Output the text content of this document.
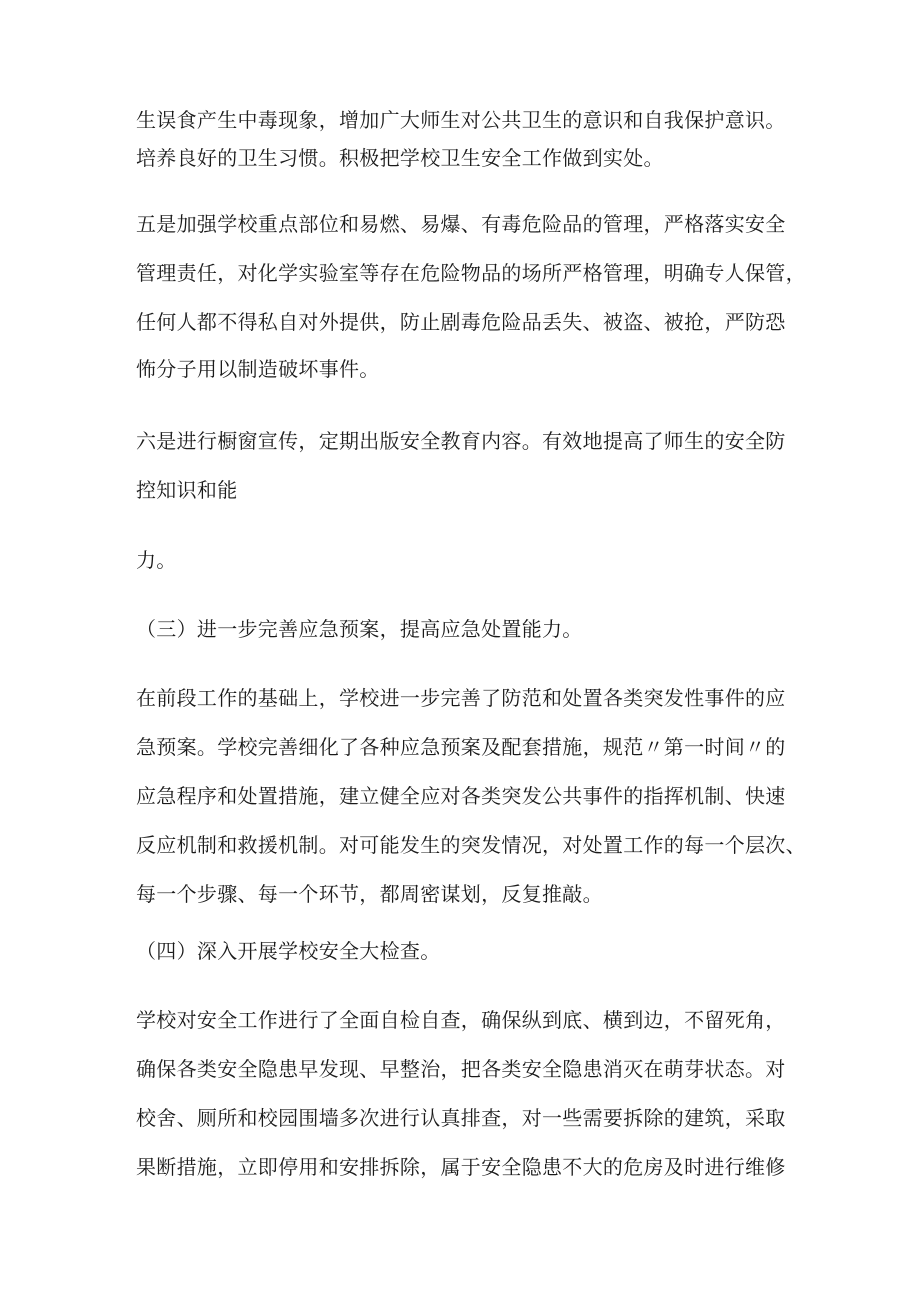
生误食产生中毒现象，增加广大师生对公共卫生的意识和自我保护意识。
培养良好的卫生习惯。积极把学校卫生安全工作做到实处。
五是加强学校重点部位和易燃、易爆、有毒危险品的管理，严格落实安全
管理责任，对化学实验室等存在危险物品的场所严格管理，明确专人保管，
任何人都不得私自对外提供，防止剧毒危险品丢失、被盗、被抢，严防恐
怖分子用以制造破坏事件。
六是进行橱窗宣传，定期出版安全教育内容。有效地提高了师生的安全防
控知识和能
力。
（三）进一步完善应急预案，提高应急处置能力。
在前段工作的基础上，学校进一步完善了防范和处置各类突发性事件的应
急预案。学校完善细化了各种应急预案及配套措施，规范〃第一时间〃的
应急程序和处置措施，建立健全应对各类突发公共事件的指挥机制、快速
反应机制和救援机制。对可能发生的突发情况，对处置工作的每一个层次、
每一个步骤、每一个环节，都周密谋划，反复推敲。
（四）深入开展学校安全大检查。
学校对安全工作进行了全面自检自查，确保纵到底、横到边，不留死角，
确保各类安全隐患早发现、早整治，把各类安全隐患消灭在萌芽状态。对
校舍、厕所和校园围墙多次进行认真排查，对一些需要拆除的建筑，采取
果断措施，立即停用和安排拆除，属于安全隐患不大的危房及时进行维修
